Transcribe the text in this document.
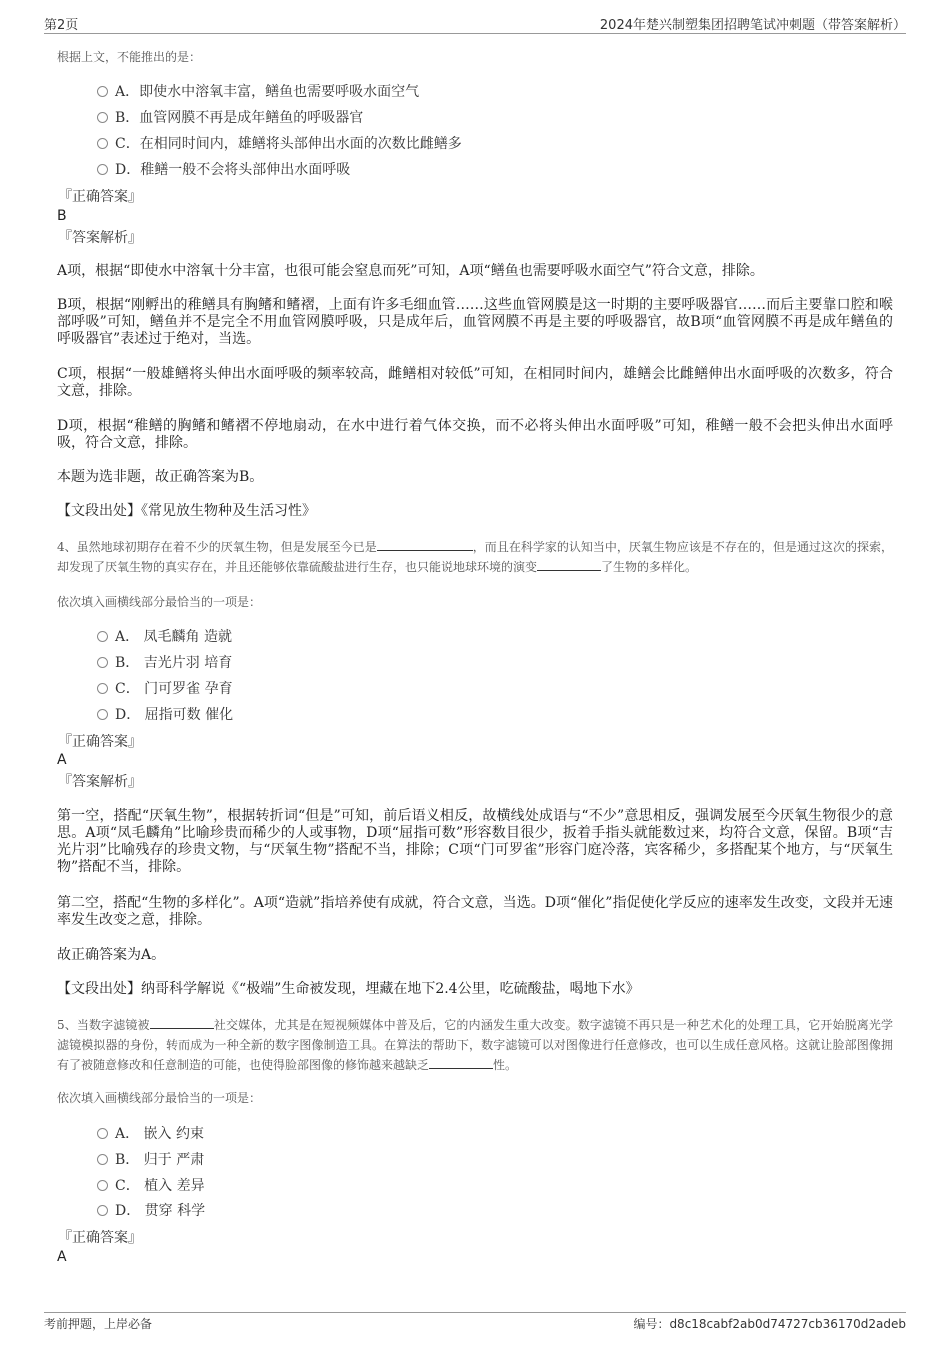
第2页	2024年楚兴制塑集团招聘笔试冲刺题（带答案解析）
根据上文，不能推出的是：
A．即使水中溶氧丰富，鳝鱼也需要呼吸水面空气
B．血管网膜不再是成年鳝鱼的呼吸器官
C．在相同时间内，雄鳝将头部伸出水面的次数比雌鳝多
D．稚鳝一般不会将头部伸出水面呼吸
『正确答案』
B
『答案解析』
A项，根据“即使水中溶氧十分丰富，也很可能会窒息而死”可知，A项“鳝鱼也需要呼吸水面空气”符合文意，排除。
B项，根据“刚孵出的稚鳝具有胸鳍和鳍褶，上面有许多毛细血管……这些血管网膜是这一时期的主要呼吸器官……而后主要靠口腔和喉部呼吸”可知，鳝鱼并不是完全不用血管网膜呼吸，只是成年后，血管网膜不再是主要的呼吸器官，故B项“血管网膜不再是成年鳝鱼的呼吸器官”表述过于绝对，当选。
C项，根据“一般雄鳝将头伸出水面呼吸的频率较高，雌鳝相对较低”可知，在相同时间内，雄鳝会比雌鳝伸出水面呼吸的次数多，符合文意，排除。
D项，根据“稚鳝的胸鳍和鳍褶不停地扇动，在水中进行着气体交换，而不必将头伸出水面呼吸”可知，稚鳝一般不会把头伸出水面呼吸，符合文意，排除。
本题为选非题，故正确答案为B。
【文段出处】《常见放生物种及生活习性》
4、虽然地球初期存在着不少的厌氧生物，但是发展至今已是	，而且在科学家的认知当中，厌氧生物应该是不存在的，但是通过这次的探索，却发现了厌氧生物的真实存在，并且还能够依靠硫酸盐进行生存，也只能说地球环境的演变	了生物的多样化。
依次填入画横线部分最恰当的一项是：
A． 凤毛麟角 造就
B． 吉光片羽 培育
C． 门可罗雀 孕育
D． 屈指可数 催化
『正确答案』
A
『答案解析』
第一空，搭配“厌氧生物”，根据转折词“但是”可知，前后语义相反，故横线处成语与“不少”意思相反，强调发展至今厌氧生物很少的意思。A项“凤毛麟角”比喻珍贵而稀少的人或事物，D项“屈指可数”形容数目很少，扳着手指头就能数过来，均符合文意，保留。B项“吉光片羽”比喻残存的珍贵文物，与“厌氧生物”搭配不当，排除；C项“门可罗雀”形容门庭冷落，宾客稀少，多搭配某个地方，与“厌氧生物”搭配不当，排除。
第二空，搭配“生物的多样化”。A项“造就”指培养使有成就，符合文意，当选。D项“催化”指促使化学反应的速率发生改变，文段并无速率发生改变之意，排除。
故正确答案为A。
【文段出处】纳哥科学解说《“极端”生命被发现，埋藏在地下2.4公里，吃硫酸盐，喝地下水》
5、当数字滤镜被	社交媒体，尤其是在短视频媒体中普及后，它的内涵发生重大改变。数字滤镜不再只是一种艺术化的处理工具，它开始脱离光学滤镜模拟器的身份，转而成为一种全新的数字图像制造工具。在算法的帮助下，数字滤镜可以对图像进行任意修改，也可以生成任意风格。这就让脸部图像拥有了被随意修改和任意制造的可能，也使得脸部图像的修饰越来越缺乏	性。
依次填入画横线部分最恰当的一项是：
A． 嵌入 约束
B． 归于 严肃
C． 植入 差异
D． 贯穿 科学
『正确答案』
A
考前押题，上岸必备	编号：d8c18cabf2ab0d74727cb36170d2adeb
